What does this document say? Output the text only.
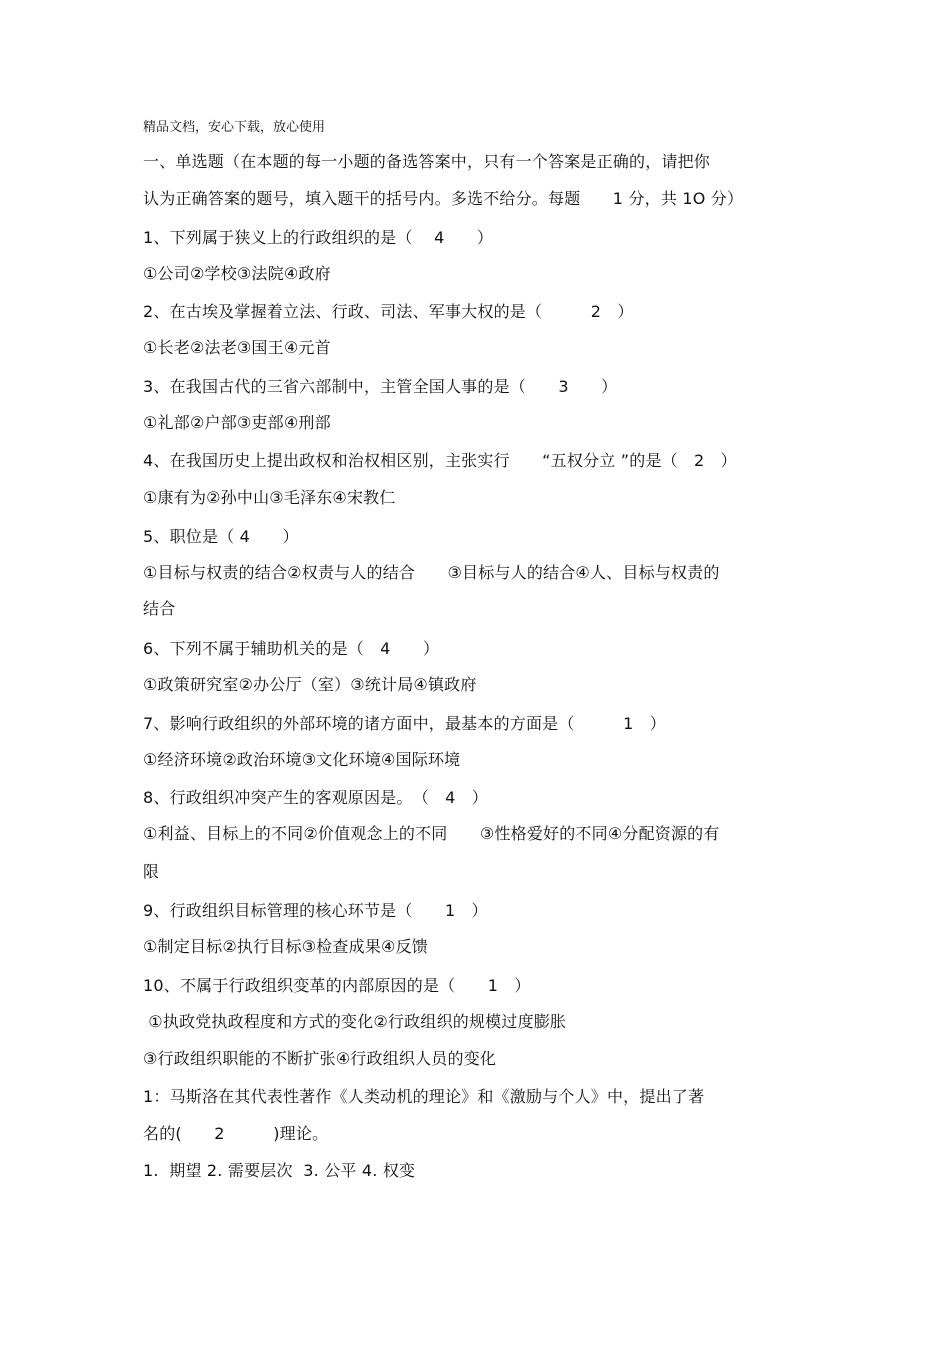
精品文档，安心下载，放心使用
一、单选题（在本题的每一小题的备选答案中，只有一个答案是正确的，请把你
认为正确答案的题号，填入题干的括号内。多选不给分。每题　　1 分，共 1O 分）
1、下列属于狭义上的行政组织的是（　 4　　）
①公司②学校③法院④政府
2、在古埃及掌握着立法、行政、司法、军事大权的是（　　　2　）
①长老②法老③国王④元首
3、在我国古代的三省六部制中，主管全国人事的是（　　3　　）
①礼部②户部③吏部④刑部
4、在我国历史上提出政权和治权相区别，主张实行　　“五权分立 ”的是（　2　）
①康有为②孙中山③毛泽东④宋教仁
5、职位是（ 4　　）
①目标与权责的结合②权责与人的结合　　③目标与人的结合④人、目标与权责的
结合
6、下列不属于辅助机关的是（　4　　）
①政策研究室②办公厅（室）③统计局④镇政府
7、影响行政组织的外部环境的诸方面中，最基本的方面是（　　　1　）
①经济环境②政治环境③文化环境④国际环境
8、行政组织冲突产生的客观原因是。　（　4　）
①利益、目标上的不同②价值观念上的不同　　③性格爱好的不同④分配资源的有
限
9、行政组织目标管理的核心环节是（　　1　）
①制定目标②执行目标③检查成果④反馈
10、不属于行政组织变革的内部原因的是（　　1　）
①执政党执政程度和方式的变化②行政组织的规模过度膨胀
③行政组织职能的不断扩张④行政组织人员的变化
1：马斯洛在其代表性著作《人类动机的理论》和《激励与个人》中，提出了著
名的(　　2　　　)理论。
1.  期望 2. 需要层次  3. 公平 4. 权变
